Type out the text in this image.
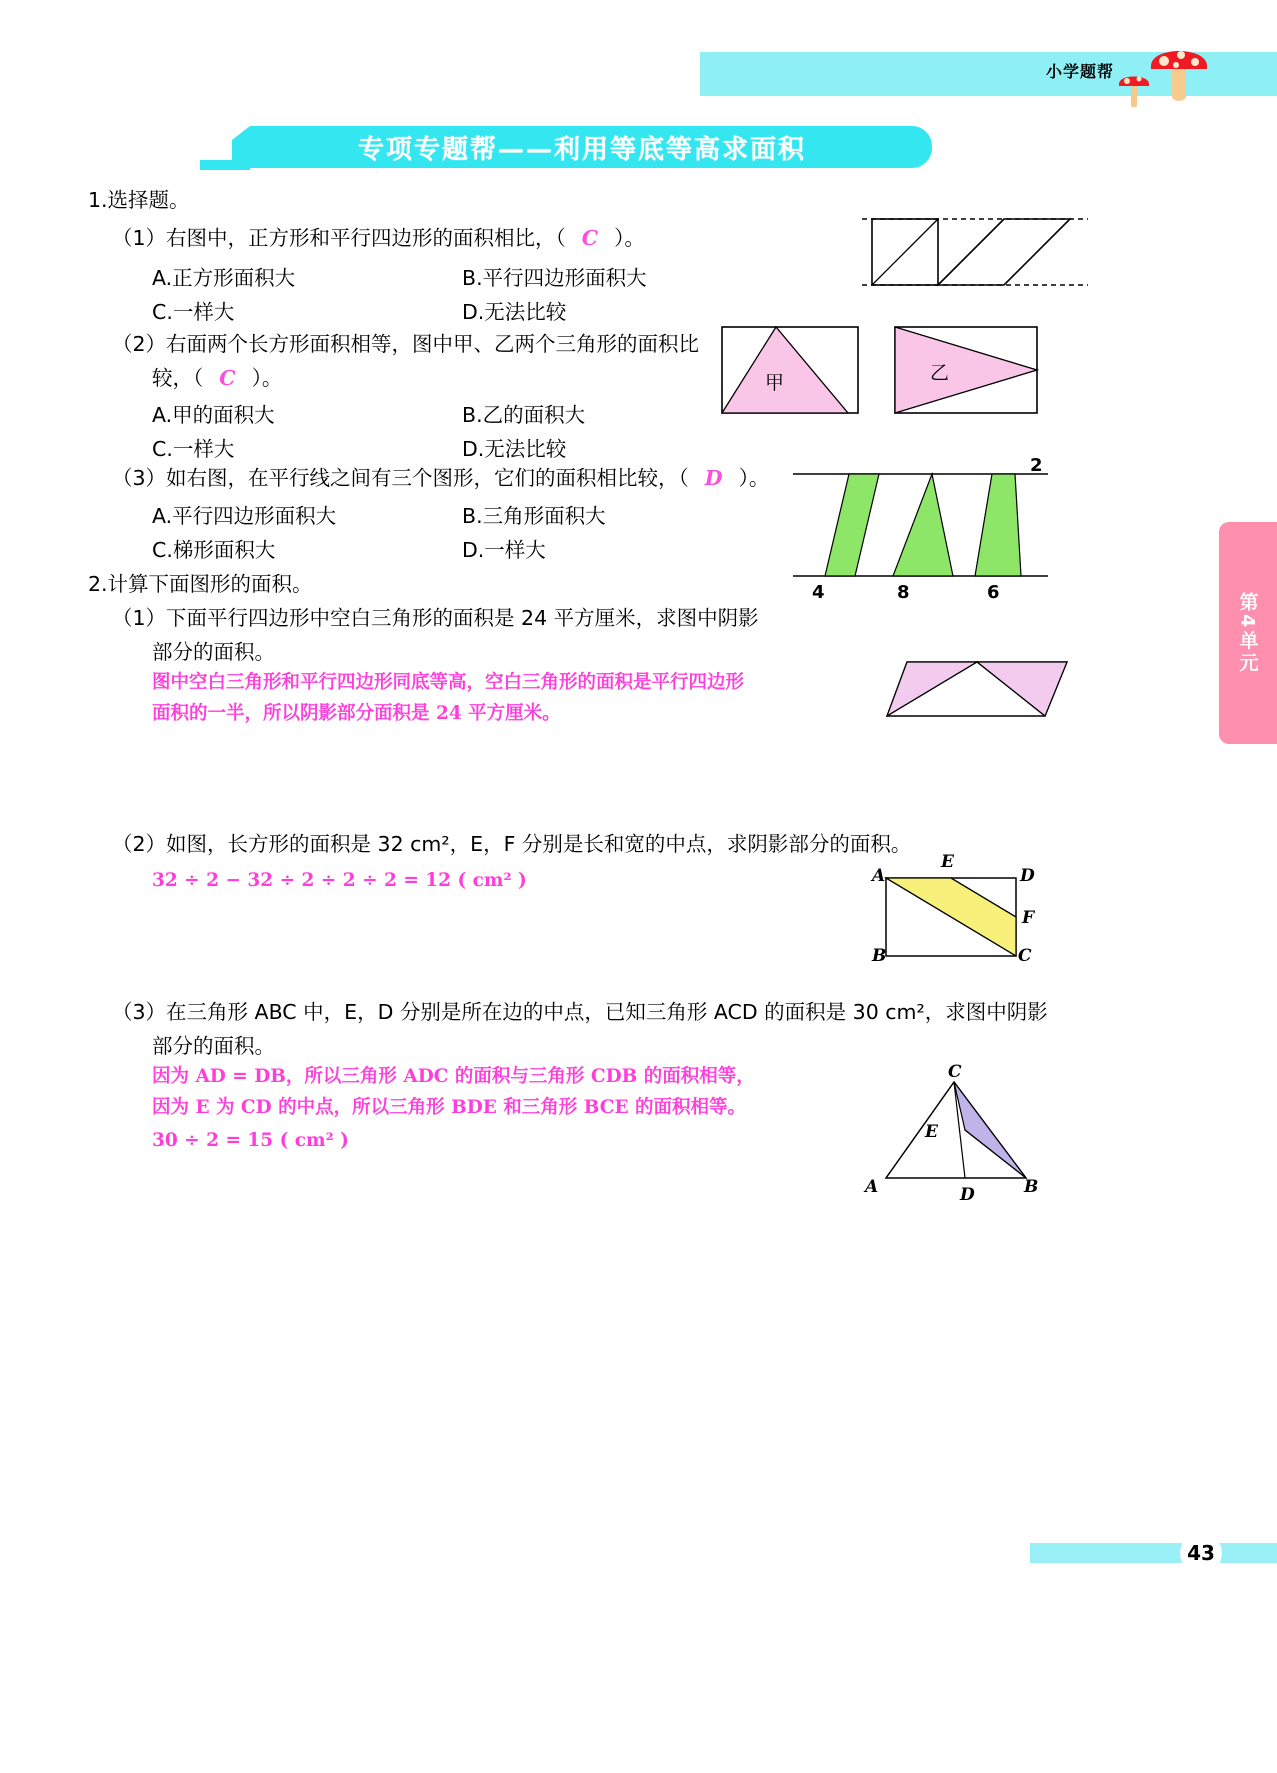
小学题帮
专项专题帮——利用等底等高求面积
1.选择题。
（1）右图中，正方形和平行四边形的面积相比，（ C ）。
A.正方形面积大	B.平行四边形面积大
C.一样大	D.无法比较
（2）右面两个长方形面积相等，图中甲、乙两个三角形的面积比
较，（ C ）。
A.甲的面积大	B.乙的面积大
C.一样大	D.无法比较
甲	乙
（3）如右图，在平行线之间有三个图形，它们的面积相比较，（ D ）。
A.平行四边形面积大	B.三角形面积大
C.梯形面积大	D.一样大
2
4	8	6
2.计算下面图形的面积。
（1）下面平行四边形中空白三角形的面积是 24 平方厘米，求图中阴影
部分的面积。
图中空白三角形和平行四边形同底等高，空白三角形的面积是平行四边形
面积的一半，所以阴影部分面积是 24 平方厘米。
（2）如图，长方形的面积是 32 cm²，E，F 分别是长和宽的中点，求阴影部分的面积。
32 ÷ 2 − 32 ÷ 2 ÷ 2 ÷ 2 = 12 ( cm² )	A
E
D
F
B	C
（3）在三角形 ABC 中，E，D 分别是所在边的中点，已知三角形 ACD 的面积是 30 cm²，求图中阴影
部分的面积。
因为 AD = DB，所以三角形 ADC 的面积与三角形 CDB 的面积相等，
因为 E 为 CD 的中点，所以三角形 BDE 和三角形 BCE 的面积相等。
30 ÷ 2 = 15 ( cm² )
C
E
A	D	B
第4单元
43
